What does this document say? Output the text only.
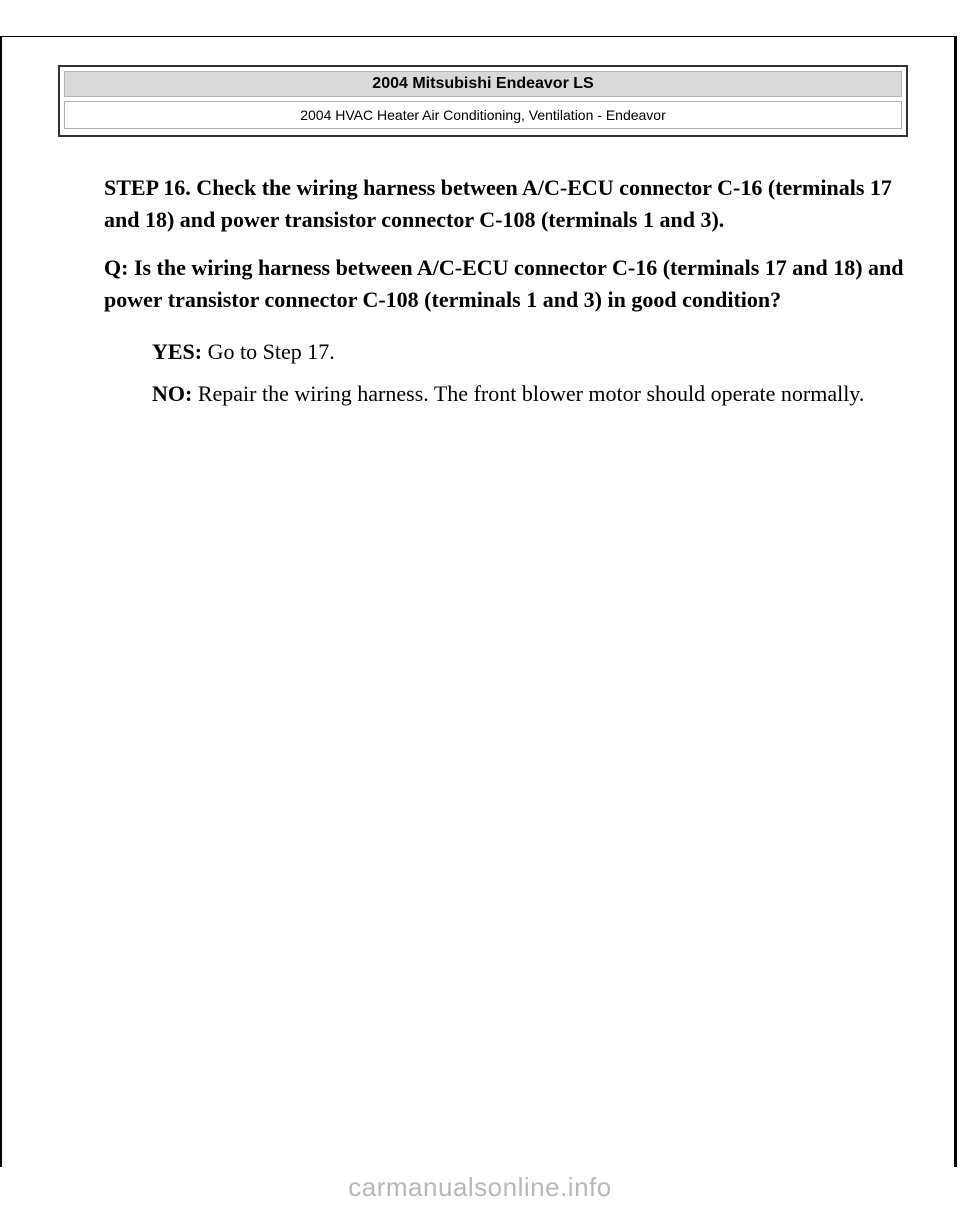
2004 Mitsubishi Endeavor LS
2004 HVAC Heater Air Conditioning, Ventilation - Endeavor

STEP 16. Check the wiring harness between A/C-ECU connector C-16 (terminals 17 and 18) and power transistor connector C-108 (terminals 1 and 3).

Q: Is the wiring harness between A/C-ECU connector C-16 (terminals 17 and 18) and power transistor connector C-108 (terminals 1 and 3) in good condition?

YES: Go to Step 17.

NO: Repair the wiring harness. The front blower motor should operate normally.

carmanualsonline.info
